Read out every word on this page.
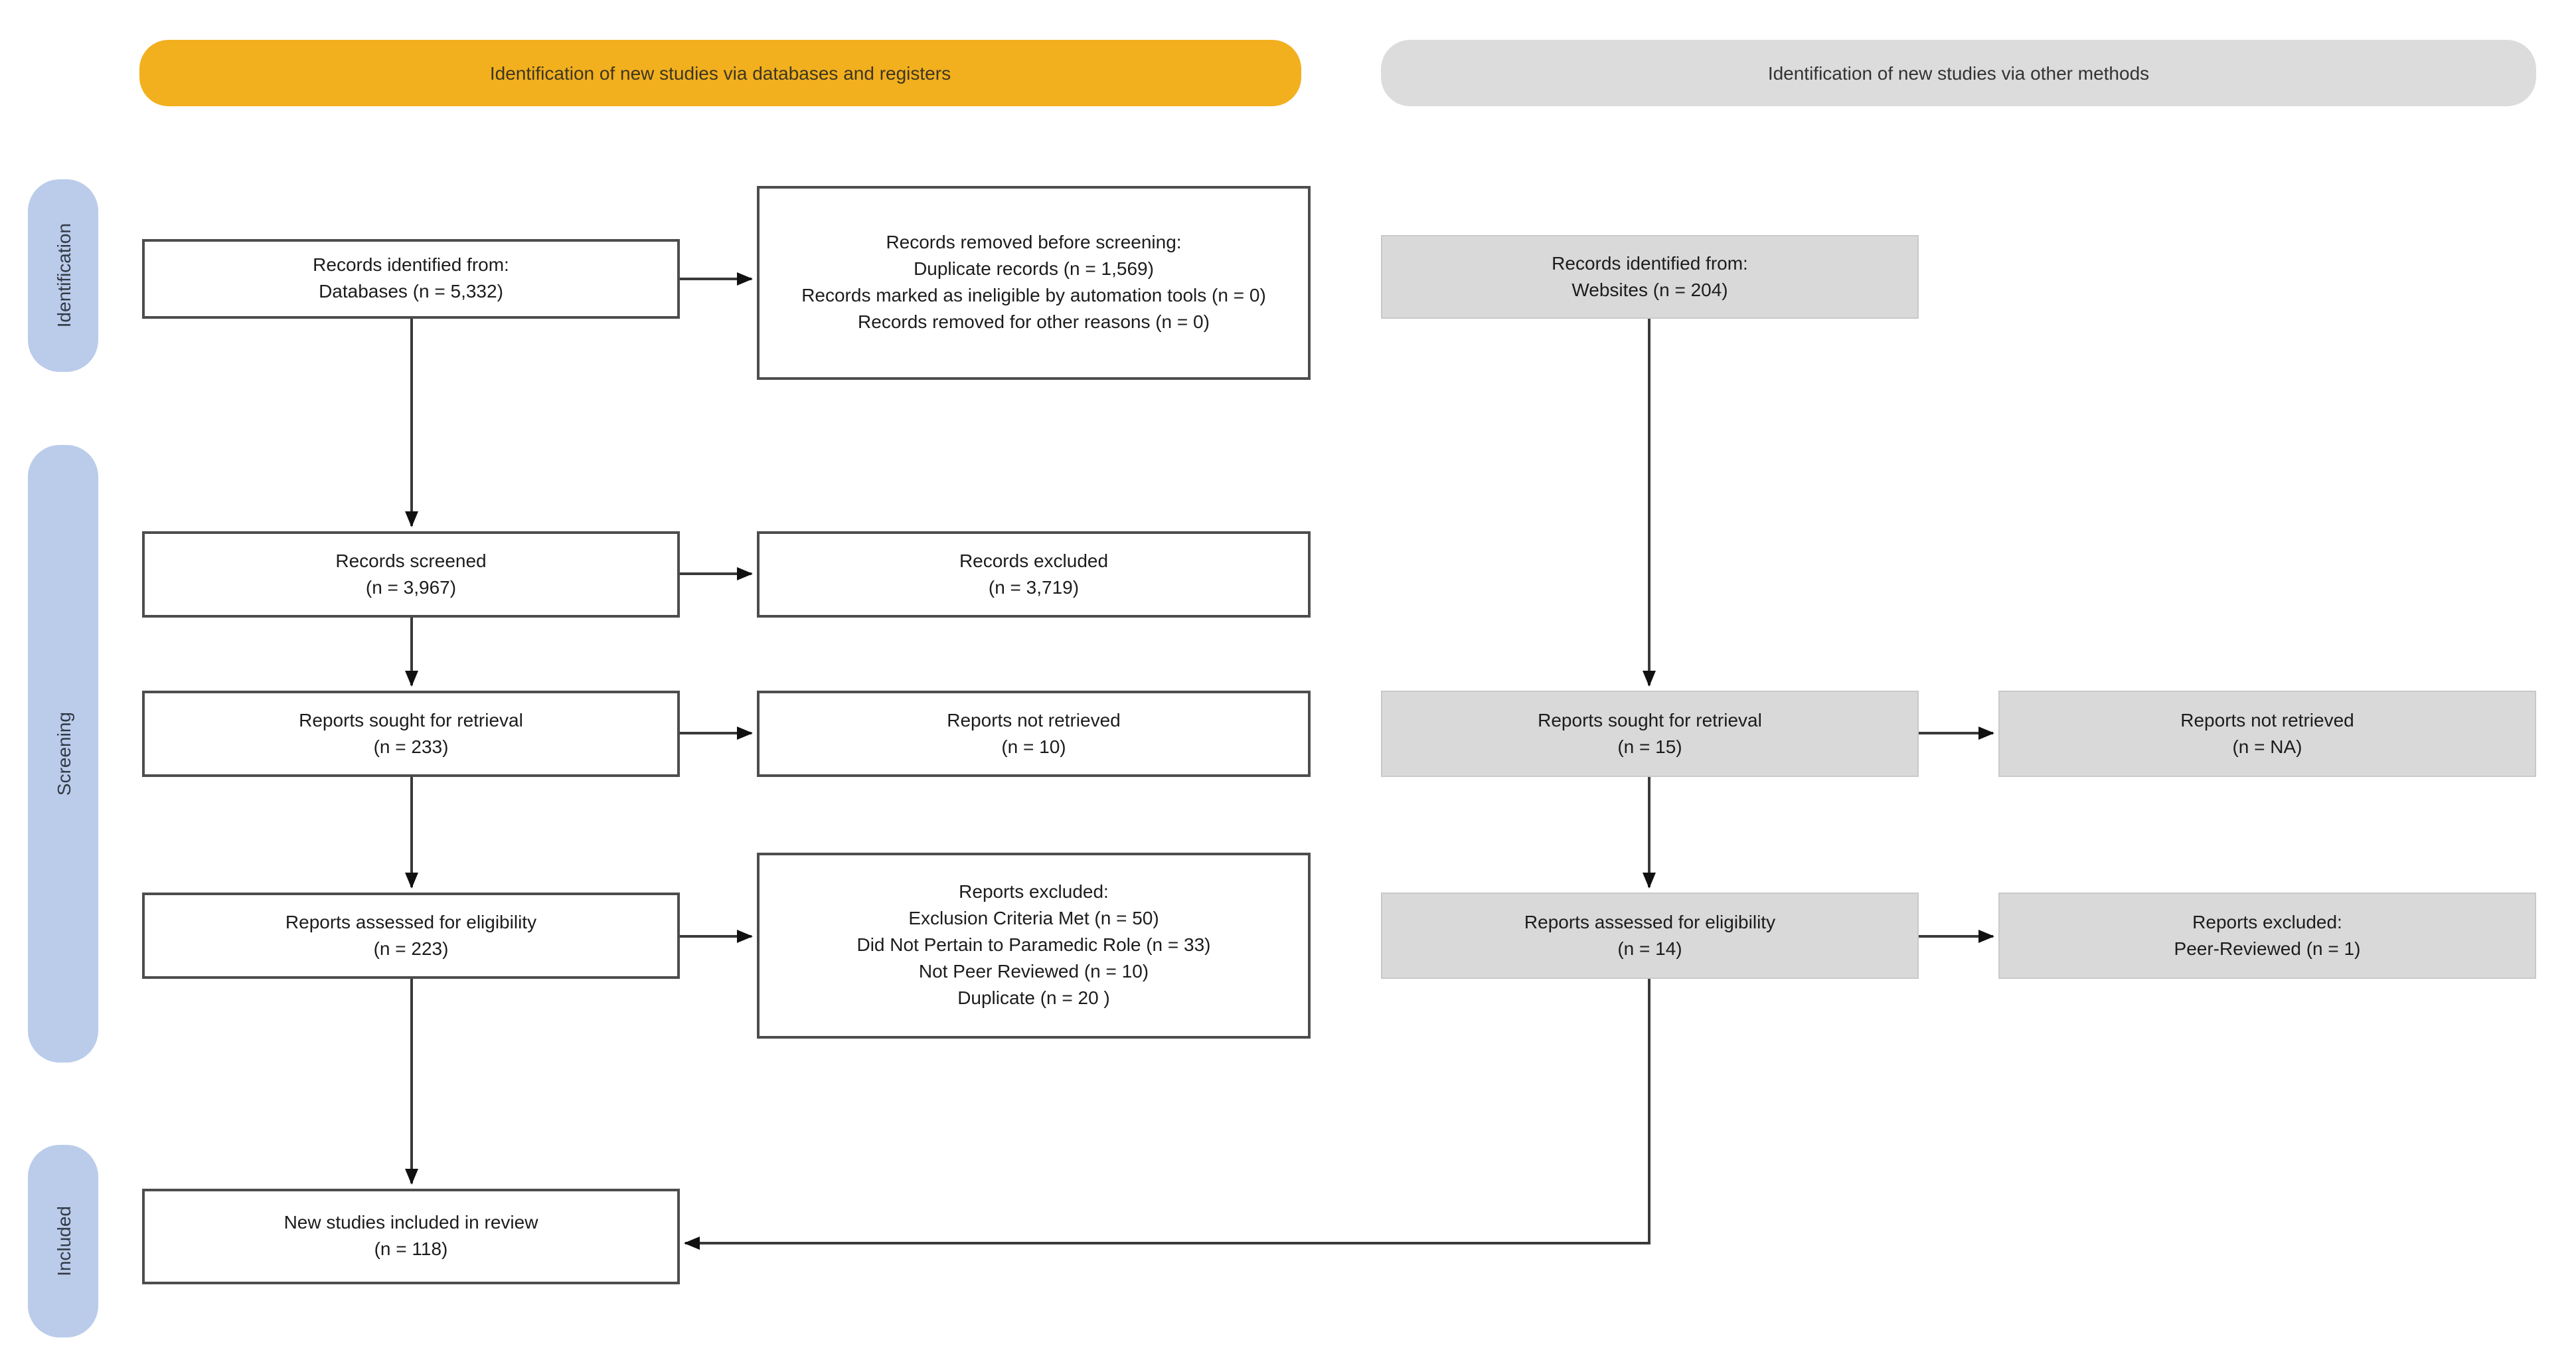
Identification of new studies via databases and registers	Identification of new studies via other methods
Identification
Screening
Included
Records identified from:
Databases (n = 5,332)
Records removed before screening:
Duplicate records (n = 1,569)
Records marked as ineligible by automation tools (n = 0)
Records removed for other reasons (n = 0)
Records screened
(n = 3,967)
Records excluded
(n = 3,719)
Reports sought for retrieval
(n = 233)
Reports not retrieved
(n = 10)
Reports assessed for eligibility
(n = 223)
Reports excluded:
Exclusion Criteria Met (n = 50)
Did Not Pertain to Paramedic Role (n = 33)
Not Peer Reviewed (n = 10)
Duplicate (n = 20 )
New studies included in review
(n = 118)
Records identified from:
Websites (n = 204)
Reports sought for retrieval
(n = 15)
Reports not retrieved
(n = NA)
Reports assessed for eligibility
(n = 14)
Reports excluded:
Peer-Reviewed (n = 1)
